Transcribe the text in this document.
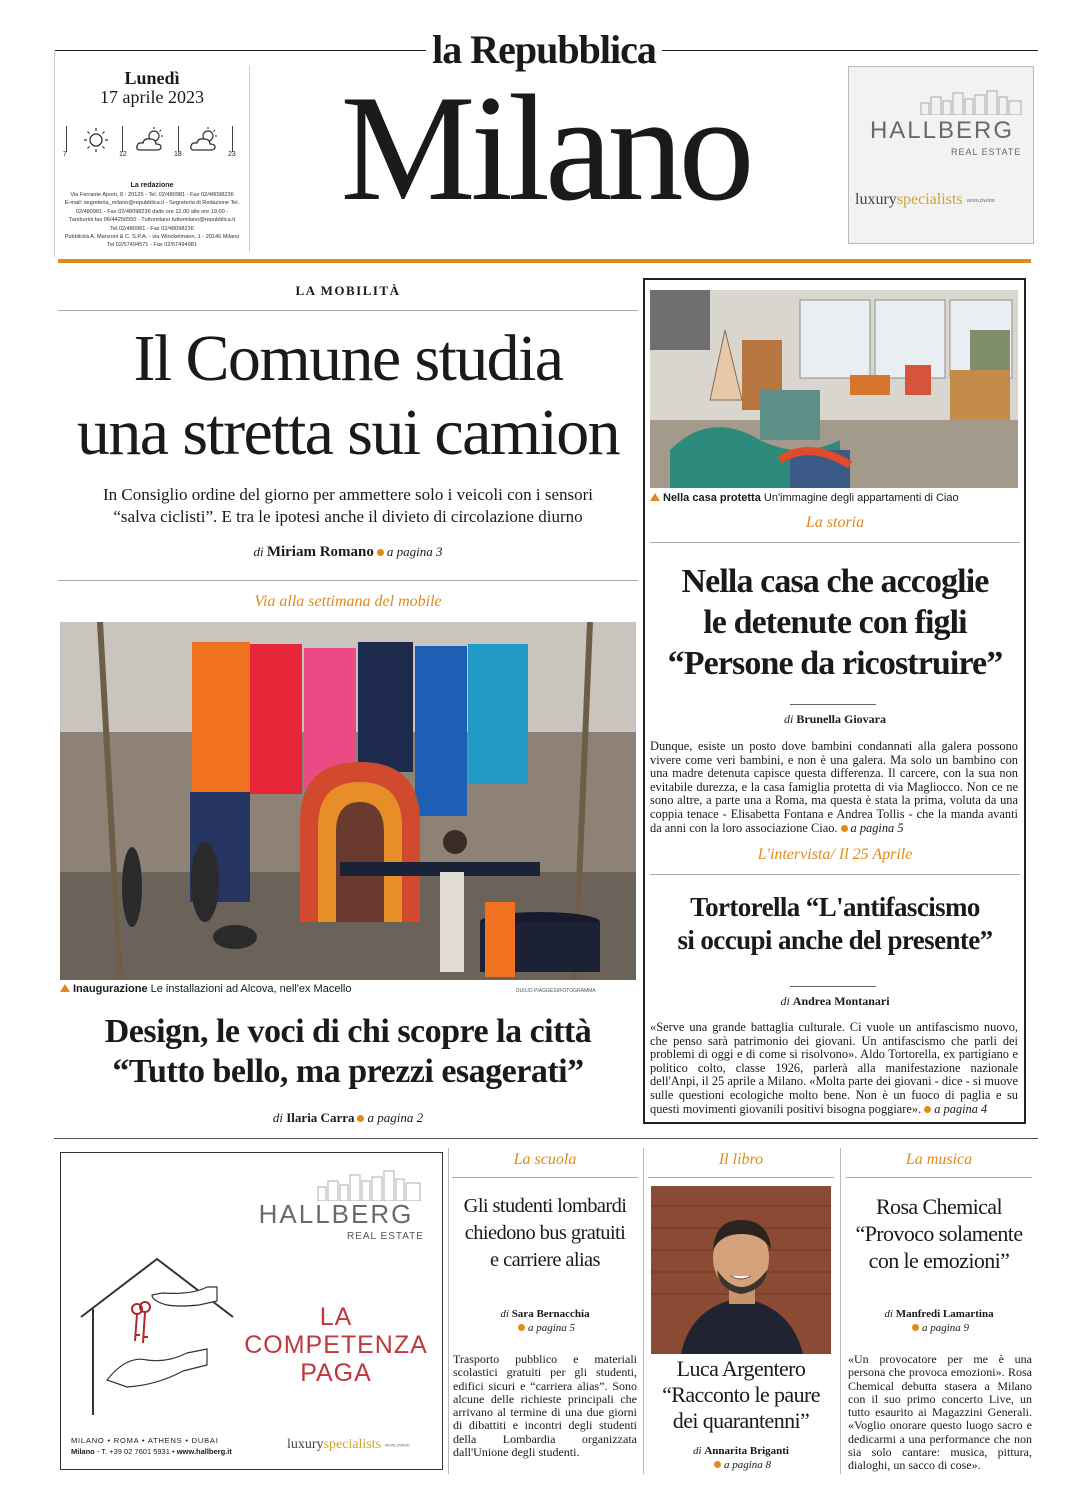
la Repubblica
Lunedì
17 aprile 2023
7	12	18	23
La redazione
Via Ferrante Aporti, 8 - 20125 - Tel. 02/480981 - Fax 02/48098236
E-mail: segreteria_milano@repubblica.it - Segreteria di Redazione Tel.
02/480981 - Fax 02/48098236 dalle ore 12.00 alle ore 19.00 -
Tamburini fax 06/44256550 - Tuttomilano tuttomilano@repubblica.it
Tel.02/480981 - Fax 02/48098236
Pubblicità A. Manzoni & C. S.P.A. - via Winckelmann, 1 - 20146 Milano
Tel 02/57494571 - Fax 02/57494981
Milano	HALLBERG
REAL ESTATE
luxuryspecialists WORLDWIDE
LA MOBILITÀ
Il Comune studia
una stretta sui camion
In Consiglio ordine del giorno per ammettere solo i veicoli con i sensori
“salva ciclisti”. E tra le ipotesi anche il divieto di circolazione diurno
di Miriam Romano a pagina 3
Via alla settimana del mobile
Inaugurazione Le installazioni ad Alcova, nell'ex Macello	DUILIO PIAGGESI/FOTOGRAMMA
Design, le voci di chi scopre la città
“Tutto bello, ma prezzi esagerati”
di Ilaria Carra a pagina 2
Nella casa protetta Un'immagine degli appartamenti di Ciao
La storia
Nella casa che accoglie
le detenute con figli
“Persone da ricostruire”
di Brunella Giovara
Dunque, esiste un posto dove bambini condannati alla galera possono vivere come veri bambini, e non è una galera. Ma solo un bambino con una madre detenuta capisce questa differenza. Il carcere, con la sua non evitabile durezza, e la casa famiglia protetta di via Magliocco. Non ce ne sono altre, a parte una a Roma, ma questa è stata la prima, voluta da una coppia tenace - Elisabetta Fontana e Andrea Tollis - che la manda avanti da anni con la loro associazione Ciao. a pagina 5
L'intervista/ Il 25 Aprile
Tortorella “L'antifascismo
si occupi anche del presente”
di Andrea Montanari
«Serve una grande battaglia culturale. Ci vuole un antifascismo nuovo, che penso sarà patrimonio dei giovani. Un antifascismo che parli dei problemi di oggi e di come si risolvono». Aldo Tortorella, ex partigiano e politico colto, classe 1926, parlerà alla manifestazione nazionale dell'Anpi, il 25 aprile a Milano. «Molta parte dei giovani - dice - si muove sulle questioni ecologiche molto bene. Non è un fuoco di paglia e su questi movimenti giovanili positivi bisogna poggiare». a pagina 4
HALLBERG
REAL ESTATE
LA
COMPETENZA
PAGA
MILANO • ROMA • ATHENS • DUBAI
Milano - T. +39 02 7601 5931 • www.hallberg.it	luxuryspecialists WORLDWIDE
La scuola
Gli studenti lombardi
chiedono bus gratuiti
e carriere alias
di Sara Bernacchia
a pagina 5
Trasporto pubblico e materiali scolastici gratuiti per gli studenti, edifici sicuri e “carriera alias”. Sono alcune delle richieste principali che arrivano al termine di una due giorni di dibattiti e incontri degli studenti della Lombardia organizzata dall'Unione degli studenti.
Il libro
Luca Argentero
“Racconto le paure
dei quarantenni”
di Annarita Briganti
a pagina 8
La musica
Rosa Chemical
“Provoco solamente
con le emozioni”
di Manfredi Lamartina
a pagina 9
«Un provocatore per me è una persona che provoca emozioni». Rosa Chemical debutta stasera a Milano con il suo primo concerto Live, un tutto esaurito ai Magazzini Generali. «Voglio onorare questo luogo sacro e dedicarmi a una performance che non sia solo cantare: musica, pittura, dialoghi, un sacco di cose».
